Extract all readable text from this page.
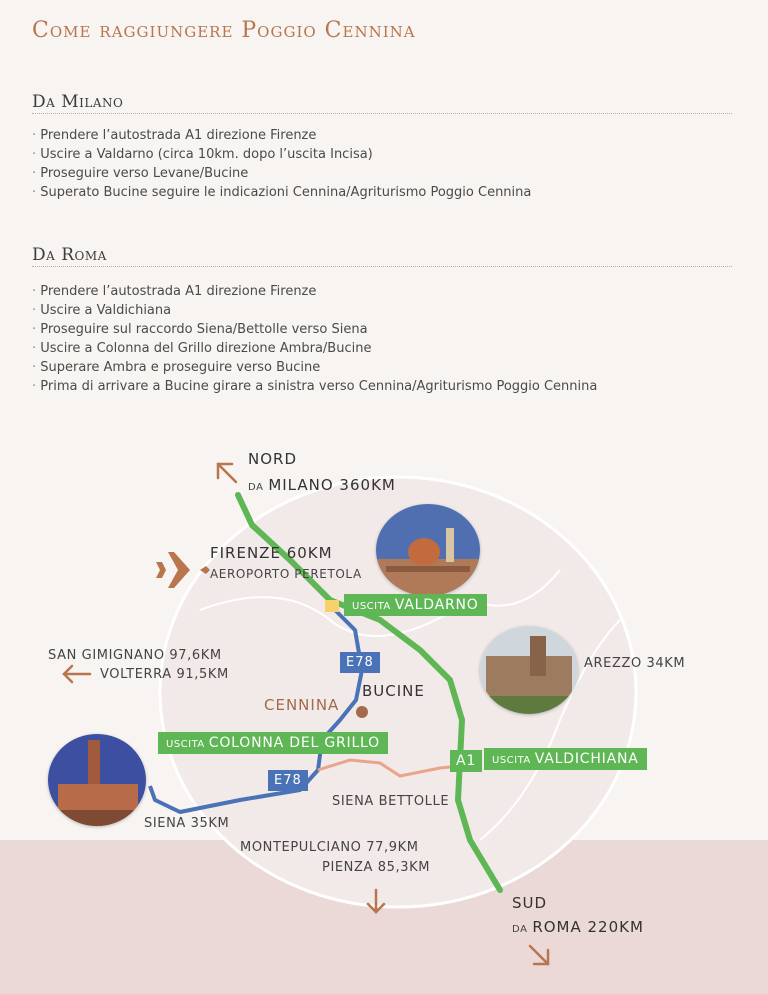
Come raggiungere Poggio Cennina
Da Milano
· Prendere l’autostrada A1 direzione Firenze
· Uscire a Valdarno (circa 10km. dopo l’uscita Incisa)
· Proseguire verso Levane/Bucine
· Superato Bucine seguire le indicazioni Cennina/Agriturismo Poggio Cennina
Da Roma
· Prendere l’autostrada A1 direzione Firenze
· Uscire a Valdichiana
· Proseguire sul raccordo Siena/Bettolle verso Siena
· Uscire a Colonna del Grillo direzione Ambra/Bucine
· Superare Ambra e proseguire verso Bucine
· Prima di arrivare a Bucine girare a sinistra verso Cennina/Agriturismo Poggio Cennina
NORD
DA MILANO 360KM
FIRENZE 60KM
AEROPORTO PERETOLA
USCITA VALDARNO
SAN GIMIGNANO 97,6KM
VOLTERRA 91,5KM
E78	AREZZO 34KM
BUCINE
CENNINA
USCITA COLONNA DEL GRILLO
A1	USCITA VALDICHIANA
E78
SIENA BETTOLLE
SIENA 35KM
MONTEPULCIANO 77,9KM
PIENZA 85,3KM
SUD
DA ROMA 220KM
